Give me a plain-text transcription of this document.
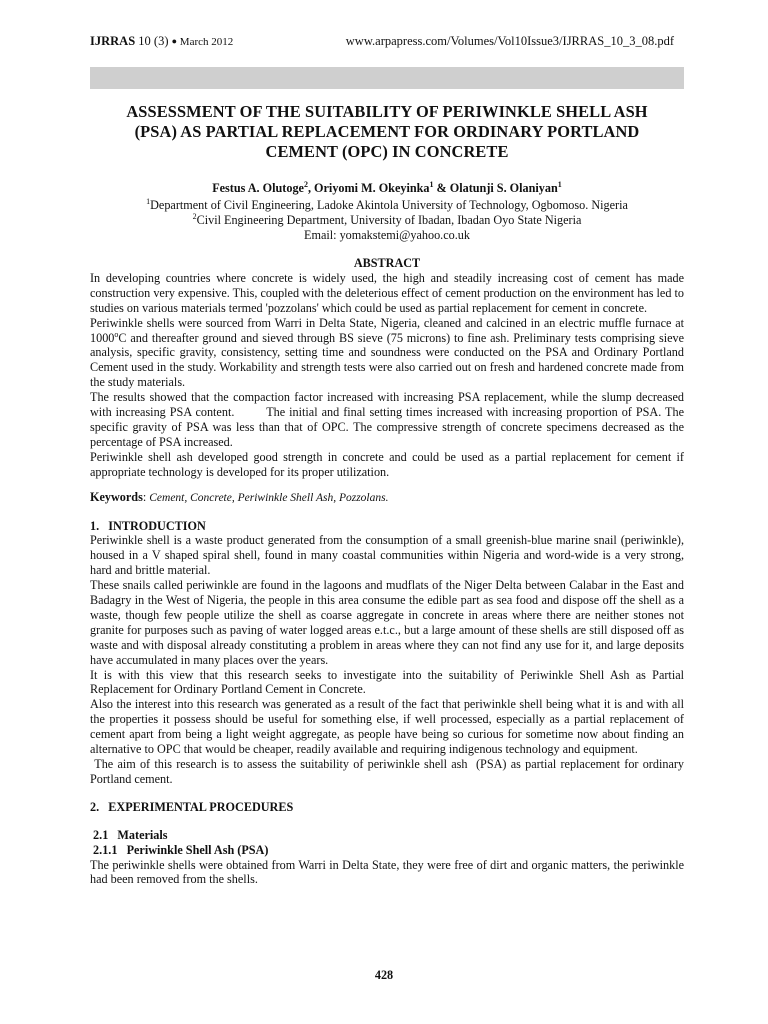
IJRRAS 10 (3) ● March 2012	www.arpapress.com/Volumes/Vol10Issue3/IJRRAS_10_3_08.pdf
ASSESSMENT OF THE SUITABILITY OF PERIWINKLE SHELL ASH
(PSA) AS PARTIAL REPLACEMENT FOR ORDINARY PORTLAND
CEMENT (OPC) IN CONCRETE
Festus A. Olutoge$^2$, Oriyomi M. Okeyinka$^1$ & Olatunji S. Olaniyan$^1$
$^1$Department of Civil Engineering, Ladoke Akintola University of Technology, Ogbomoso. Nigeria
$^2$Civil Engineering Department, University of Ibadan, Ibadan Oyo State Nigeria
Email: yomakstemi@yahoo.co.uk

ABSTRACT

In developing countries where concrete is widely used, the high and steadily increasing cost of cement has made construction very expensive. This, coupled with the deleterious effect of cement production on the environment has led to studies on various materials termed 'pozzolans' which could be used as partial replacement for cement in concrete.

Periwinkle shells were sourced from Warri in Delta State, Nigeria, cleaned and calcined in an electric muffle furnace at 1000$^o$C and thereafter ground and sieved through BS sieve (75 microns) to fine ash. Preliminary tests comprising sieve analysis, specific gravity, consistency, setting time and soundness were conducted on the PSA and Ordinary Portland Cement used in the study. Workability and strength tests were also carried out on fresh and hardened concrete made from the study materials.

The results showed that the compaction factor increased with increasing PSA replacement, while the slump decreased with increasing PSA content.        The initial and final setting times increased with increasing proportion of PSA. The specific gravity of PSA was less than that of OPC. The compressive strength of concrete specimens decreased as the percentage of PSA increased.

Periwinkle shell ash developed good strength in concrete and could be used as a partial replacement for cement if appropriate technology is developed for its proper utilization.

Keywords: Cement, Concrete, Periwinkle Shell Ash, Pozzolans.

1.   INTRODUCTION

Periwinkle shell is a waste product generated from the consumption of a small greenish-blue marine snail (periwinkle), housed in a V shaped spiral shell, found in many coastal communities within Nigeria and word-wide is a very strong, hard and brittle material.

These snails called periwinkle are found in the lagoons and mudflats of the Niger Delta between Calabar in the East and Badagry in the West of Nigeria, the people in this area consume the edible part as sea food and dispose off the shell as a waste, though few people utilize the shell as coarse aggregate in concrete in areas where there are neither stones not granite for purposes such as paving of water logged areas e.t.c., but a large amount of these shells are still disposed off as waste and with disposal already constituting a problem in areas where they can not find any use for it, and large deposits have accumulated in many places over the years.

It is with this view that this research seeks to investigate into the suitability of Periwinkle Shell Ash as Partial Replacement for Ordinary Portland Cement in Concrete.

Also the interest into this research was generated as a result of the fact that periwinkle shell being what it is and with all the properties it possess should be useful for something else, if well processed, especially as a partial replacement of cement apart from being a light weight aggregate, as people have being so curious for sometime now about finding an alternative to OPC that would be cheaper, readily available and requiring indigenous technology and equipment.

The aim of this research is to assess the suitability of periwinkle shell ash  (PSA) as partial replacement for ordinary Portland cement.

2.   EXPERIMENTAL PROCEDURES

2.1   Materials

2.1.1   Periwinkle Shell Ash (PSA)

The periwinkle shells were obtained from Warri in Delta State, they were free of dirt and organic matters, the periwinkle had been removed from the shells.

428
